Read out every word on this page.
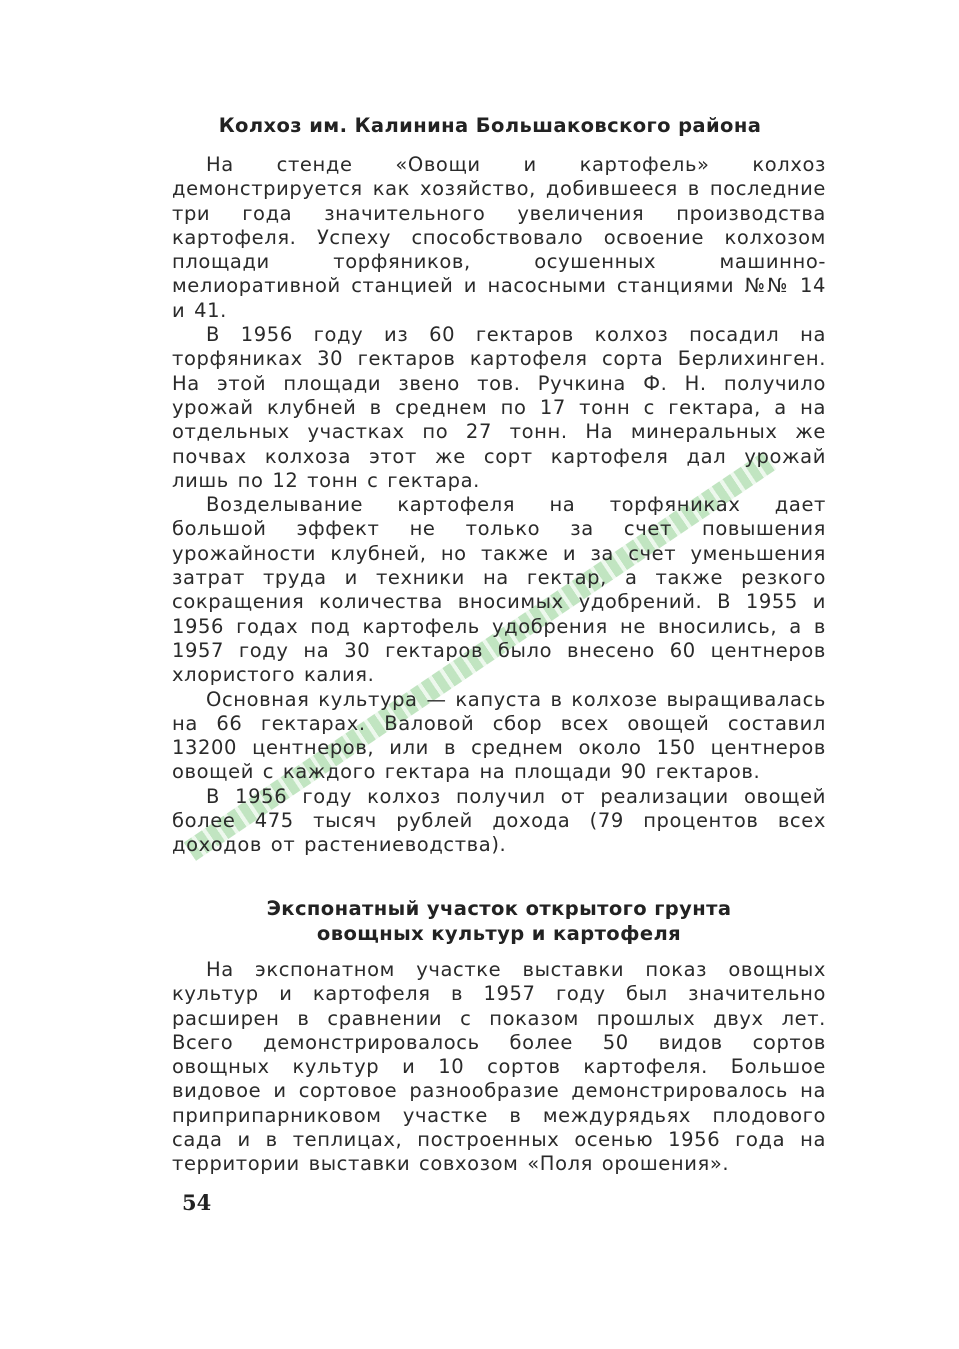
Колхоз им. Калинина Большаковского района

На стенде «Овощи и картофель» колхоз демонстрируется как хозяйство, добившееся в последние три года значительного увеличения производства картофеля. Успеху способствовало освоение колхозом площади торфяников, осушенных машинно-мелиоративной станцией и насосными станциями №№ 14 и 41.

В 1956 году из 60 гектаров колхоз посадил на торфяниках 30 гектаров картофеля сорта Берлихинген. На этой площади звено тов. Ручкина Ф. Н. получило урожай клубней в среднем по 17 тонн с гектара, а на отдельных участках по 27 тонн. На минеральных же почвах колхоза этот же сорт картофеля дал урожай лишь по 12 тонн с гектара.

Возделывание картофеля на торфяниках дает большой эффект не только за счет повышения урожайности клубней, но также и за счет уменьшения затрат труда и техники на гектар, а также резкого сокращения количества вносимых удобрений. В 1955 и 1956 годах под картофель удобрения не вносились, а в 1957 году на 30 гектаров было внесено 60 центнеров хлористого калия.

Основная культура — капуста в колхозе выращивалась на 66 гектарах. Валовой сбор всех овощей составил 13200 центнеров, или в среднем около 150 центнеров овощей с каждого гектара на площади 90 гектаров.

В 1956 году колхоз получил от реализации овощей более 475 тысяч рублей дохода (79 процентов всех доходов от растениеводства).

Экспонатный участок открытого грунта
овощных культур и картофеля

На экспонатном участке выставки показ овощных культур и картофеля в 1957 году был значительно расширен в сравнении с показом прошлых двух лет. Всего демонстрировалось более 50 видов сортов овощных культур и 10 сортов картофеля. Большое видовое и сортовое разнообразие демонстрировалось на приприпарниковом участке в междурядьях плодового сада и в теплицах, построенных осенью 1956 года на территории выставки совхозом «Поля орошения».

54
